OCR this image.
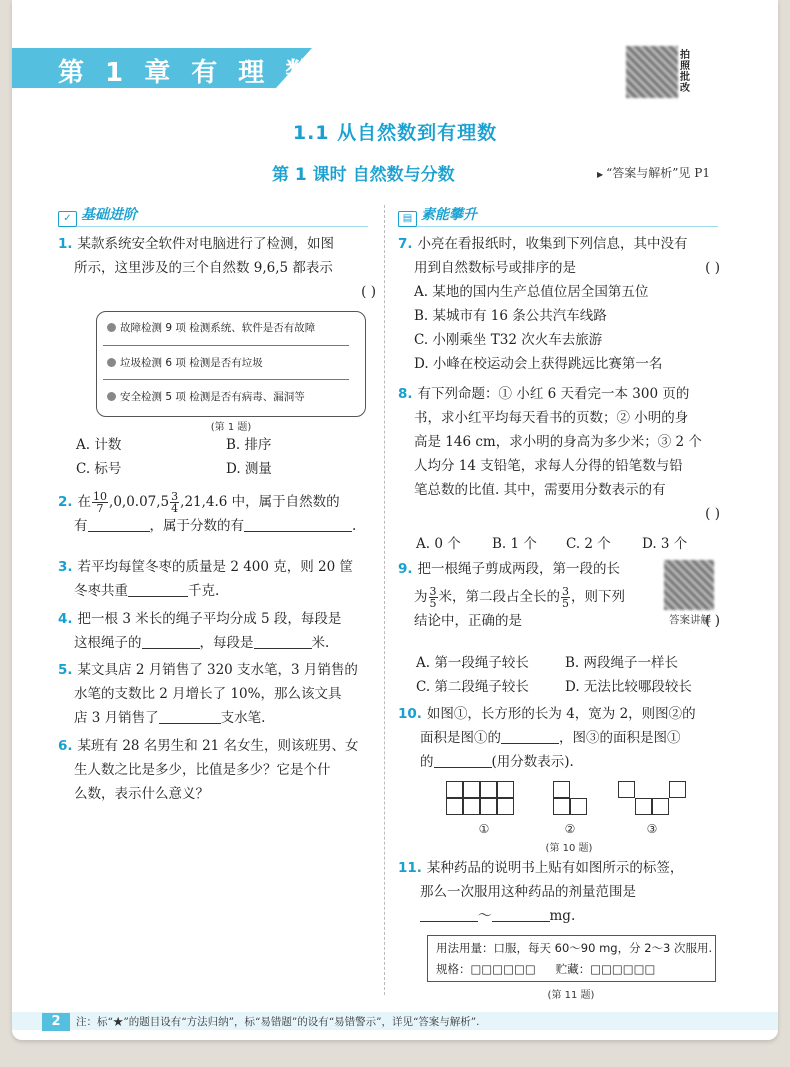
第 1 章 有 理 数
拍照批改
1.1 从自然数到有理数
第 1 课时 自然数与分数
▶	“答案与解析”见 P1
✓ 基础进阶	▤ 素能攀升
1. 某款系统安全软件对电脑进行了检测，如图
所示，这里涉及的三个自然数 9,6,5 都表示
( )
故障检测 9 项 检测系统、软件是否有故障
垃圾检测 6 项 检测是否有垃圾
安全检测 5 项 检测是否有病毒、漏洞等
(第 1 题)
A. 计数	B. 排序
C. 标号	D. 测量
2. 在 $\frac{10}{7} ,0,0.07,5 \frac{3}{4} ,21,4.6$ 中，属于自然数的
有	，属于分数的有	.
3. 若平均每筐冬枣的质量是 2 400 克，则 20 筐
冬枣共重	千克.
4. 把一根 3 米长的绳子平均分成 5 段，每段是
这根绳子的	，每段是	米.
5. 某文具店 2 月销售了 320 支水笔，3 月销售的
水笔的支数比 2 月增长了 10%，那么该文具
店 3 月销售了	支水笔.
6. 某班有 28 名男生和 21 名女生，则该班男、女
生人数之比是多少，比值是多少？它是个什
么数，表示什么意义？
7. 小亮在看报纸时，收集到下列信息，其中没有
用到自然数标号或排序的是	( )
A. 某地的国内生产总值位居全国第五位
B. 某城市有 16 条公共汽车线路
C. 小刚乘坐 T32 次火车去旅游
D. 小峰在校运动会上获得跳远比赛第一名
8. 有下列命题：① 小红 6 天看完一本 300 页的
书，求小红平均每天看书的页数；② 小明的身
高是 146 cm，求小明的身高为多少米；③ 2 个
人均分 14 支铅笔，求每人分得的铅笔数与铅
笔总数的比值. 其中，需要用分数表示的有
( )
A. 0 个 B. 1 个 C. 2 个 D. 3 个
9. 把一根绳子剪成两段，第一段的长
为 $\frac{3}{5}$ 米，第二段占全长的 $\frac{3}{5}$ ，则下列
结论中，正确的是	( )
答案讲解
A. 第一段绳子较长	B. 两段绳子一样长
C. 第二段绳子较长	D. 无法比较哪段较长
10. 如图①，长方形的长为 4，宽为 2，则图②的
面积是图①的	，图③的面积是图①
的	(用分数表示).
①	②	③
(第 10 题)
11. 某种药品的说明书上贴有如图所示的标签，
那么一次服用这种药品的剂量范围是
～	mg.
用法用量：口服，每天 60～90 mg，分 2～3 次服用.
规格：□□□□□□ 贮藏：□□□□□□
(第 11 题)
2	注：标“★”的题目设有“方法归纳”，标“易错题”的设有“易错警示”，详见“答案与解析”.
